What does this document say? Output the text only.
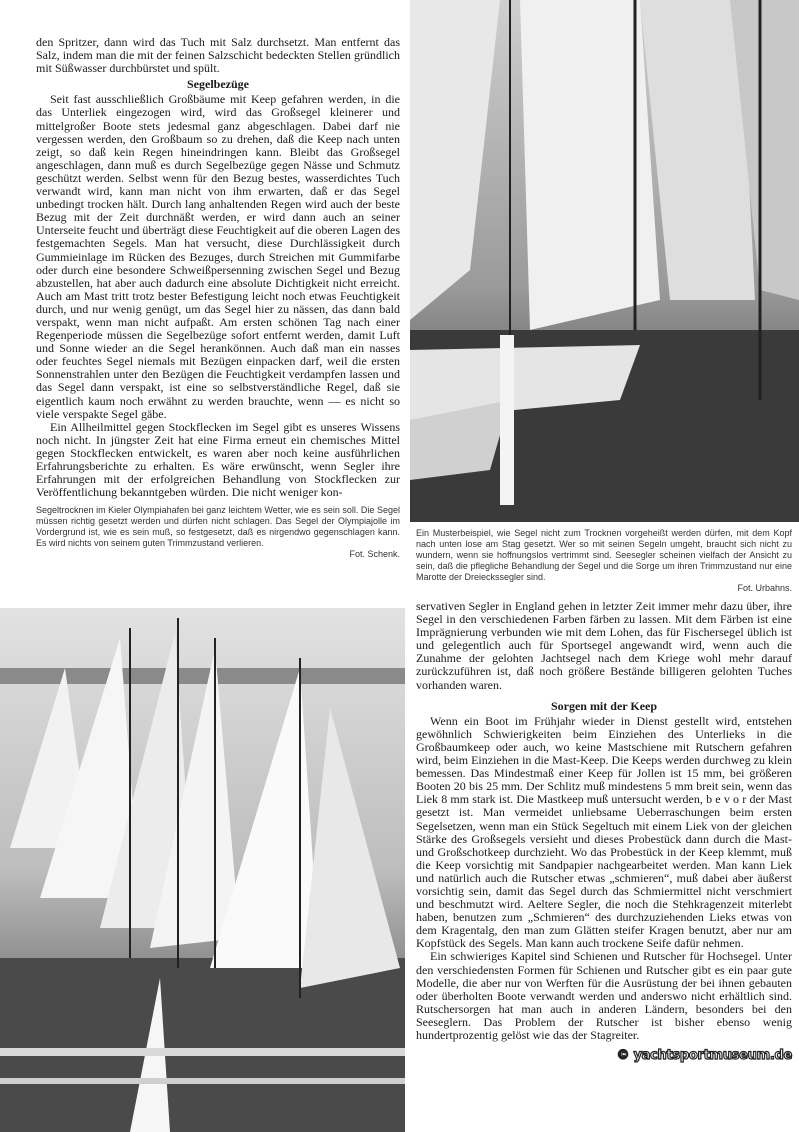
den Spritzer, dann wird das Tuch mit Salz durchsetzt. Man entfernt das Salz, indem man die mit der feinen Salzschicht bedeckten Stellen gründlich mit Süßwasser durchbürstet und spült.

Segelbezüge

Seit fast ausschließlich Großbäume mit Keep gefahren werden, in die das Unterliek eingezogen wird, wird das Großsegel kleinerer und mittelgroßer Boote stets jedesmal ganz abgeschlagen. Dabei darf nie vergessen werden, den Großbaum so zu drehen, daß die Keep nach unten zeigt, so daß kein Regen hineindringen kann. Bleibt das Großsegel angeschlagen, dann muß es durch Segelbezüge gegen Nässe und Schmutz geschützt werden. Selbst wenn für den Bezug bestes, wasserdichtes Tuch verwandt wird, kann man nicht von ihm erwarten, daß er das Segel unbedingt trocken hält. Durch lang anhaltenden Regen wird auch der beste Bezug mit der Zeit durchnäßt werden, er wird dann auch an seiner Unterseite feucht und überträgt diese Feuchtigkeit auf die oberen Lagen des festgemachten Segels. Man hat versucht, diese Durchlässigkeit durch Gummieinlage im Rücken des Bezuges, durch Streichen mit Gummifarbe oder durch eine besondere Schweißpersenning zwischen Segel und Bezug abzustellen, hat aber auch dadurch eine absolute Dichtigkeit nicht erreicht. Auch am Mast tritt trotz bester Befestigung leicht noch etwas Feuchtigkeit durch, und nur wenig genügt, um das Segel hier zu nässen, das dann bald verspakt, wenn man nicht aufpaßt. Am ersten schönen Tag nach einer Regenperiode müssen die Segelbezüge sofort entfernt werden, damit Luft und Sonne wieder an die Segel herankönnen. Auch daß man ein nasses oder feuchtes Segel niemals mit Bezügen einpacken darf, weil die ersten Sonnenstrahlen unter den Bezügen die Feuchtigkeit verdampfen lassen und das Segel dann verspakt, ist eine so selbstverständliche Regel, daß sie eigentlich kaum noch erwähnt zu werden brauchte, wenn — es nicht so viele verspakte Segel gäbe.

Ein Allheilmittel gegen Stockflecken im Segel gibt es unseres Wissens noch nicht. In jüngster Zeit hat eine Firma erneut ein chemisches Mittel gegen Stockflecken entwickelt, es waren aber noch keine ausführlichen Erfahrungsberichte zu erhalten. Es wäre erwünscht, wenn Segler ihre Erfahrungen mit der erfolgreichen Behandlung von Stockflecken zur Veröffentlichung bekanntgeben würden. Die nicht weniger kon-

Segeltrocknen im Kieler Olympiahafen bei ganz leichtem Wetter, wie es sein soll. Die Segel müssen richtig gesetzt werden und dürfen nicht schlagen. Das Segel der Olympiajolle im Vordergrund ist, wie es sein muß, so festgesetzt, daß es nirgendwo gegenschlagen kann. Es wird nichts von seinem guten Trimmzustand verlieren.
Fot. Schenk.
Ein Musterbeispiel, wie Segel nicht zum Trocknen vorgeheißt werden dürfen, mit dem Kopf nach unten lose am Stag gesetzt. Wer so mit seinen Segeln umgeht, braucht sich nicht zu wundern, wenn sie hoffnungslos vertrimmt sind. Seesegler scheinen vielfach der Ansicht zu sein, daß die pflegliche Behandlung der Segel und die Sorge um ihren Trimmzustand nur eine Marotte der Dreieckssegler sind.
Fot. Urbahns.

servativen Segler in England gehen in letzter Zeit immer mehr dazu über, ihre Segel in den verschiedenen Farben färben zu lassen. Mit dem Färben ist eine Imprägnierung verbunden wie mit dem Lohen, das für Fischersegel üblich ist und gelegentlich auch für Sportsegel angewandt wird, wenn auch die Zunahme der gelohten Jachtsegel nach dem Kriege wohl mehr darauf zurückzuführen ist, daß noch größere Bestände billigeren gelohten Tuches vorhanden waren.

Sorgen mit der Keep

Wenn ein Boot im Frühjahr wieder in Dienst gestellt wird, entstehen gewöhnlich Schwierigkeiten beim Einziehen des Unterlieks in die Großbaumkeep oder auch, wo keine Mastschiene mit Rutschern gefahren wird, beim Einziehen in die Mast-Keep. Die Keeps werden durchweg zu klein bemessen. Das Mindestmaß einer Keep für Jollen ist 15 mm, bei größeren Booten 20 bis 25 mm. Der Schlitz muß mindestens 5 mm breit sein, wenn das Liek 8 mm stark ist. Die Mastkeep muß untersucht werden, b e v o r der Mast gesetzt ist. Man vermeidet unliebsame Ueberraschungen beim ersten Segelsetzen, wenn man ein Stück Segeltuch mit einem Liek von der gleichen Stärke des Großsegels versieht und dieses Probestück dann durch die Mast- und Großschotkeep durchzieht. Wo das Probestück in der Keep klemmt, muß die Keep vorsichtig mit Sandpapier nachgearbeitet werden. Man kann Liek und natürlich auch die Rutscher etwas „schmieren“, muß dabei aber äußerst vorsichtig sein, damit das Segel durch das Schmiermittel nicht verschmiert und beschmutzt wird. Aeltere Segler, die noch die Stehkragenzeit miterlebt haben, benutzen zum „Schmieren“ des durchzuziehenden Lieks etwas von dem Kragentalg, den man zum Glätten steifer Kragen benutzt, aber nur am Kopfstück des Segels. Man kann auch trockene Seife dafür nehmen.

Ein schwieriges Kapitel sind Schienen und Rutscher für Hochsegel. Unter den verschiedensten Formen für Schienen und Rutscher gibt es ein paar gute Modelle, die aber nur von Werften für die Ausrüstung der bei ihnen gebauten oder überholten Boote verwandt werden und anderswo nicht erhältlich sind. Rutschersorgen hat man auch in anderen Ländern, besonders bei den Seeseglern. Das Problem der Rutscher ist bisher ebenso wenig hundertprozentig gelöst wie das der Stagreiter.

© yachtsportmuseum.de
